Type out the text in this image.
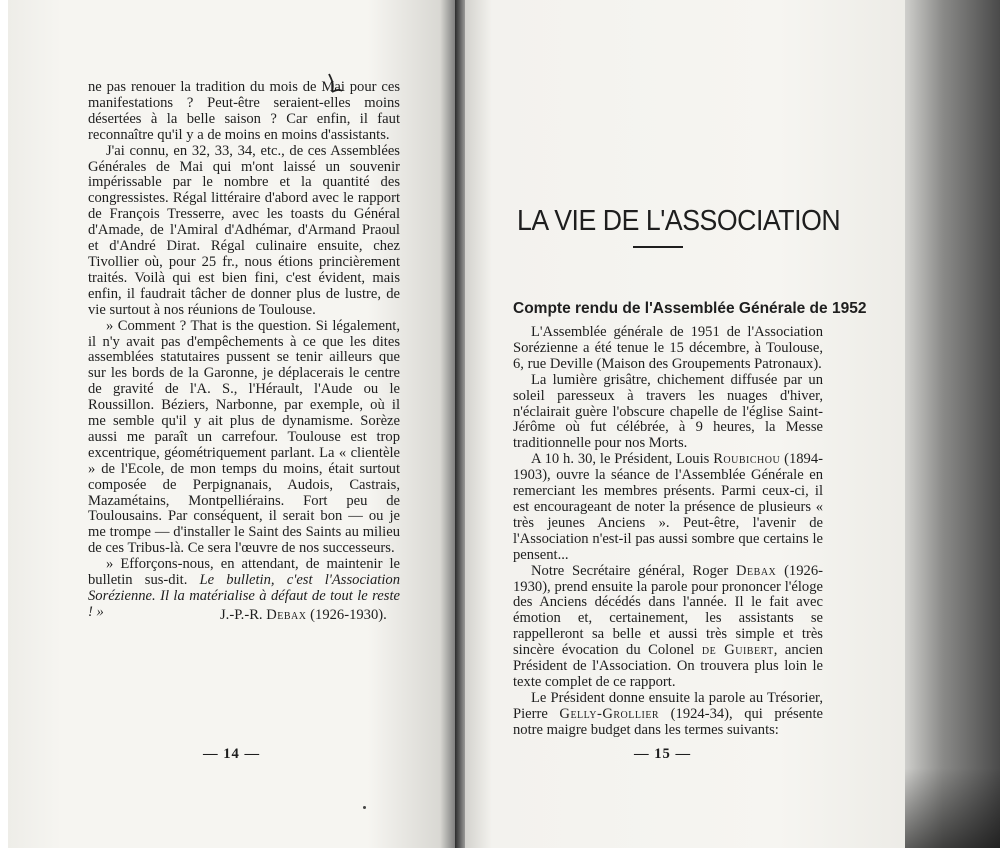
ne pas renouer la tradition du mois de Mai pour ces manifestations ? Peut-être seraient-elles moins désertées à la belle saison ? Car enfin, il faut reconnaître qu'il y a de moins en moins d'assistants.

J'ai connu, en 32, 33, 34, etc., de ces Assemblées Générales de Mai qui m'ont laissé un souvenir impérissable par le nombre et la quantité des congressistes. Régal littéraire d'abord avec le rapport de François Tresserre, avec les toasts du Général d'Amade, de l'Amiral d'Adhémar, d'Armand Praoul et d'André Dirat. Régal culinaire ensuite, chez Tivollier où, pour 25 fr., nous étions princièrement traités. Voilà qui est bien fini, c'est évident, mais enfin, il faudrait tâcher de donner plus de lustre, de vie surtout à nos réunions de Toulouse.

» Comment ? That is the question. Si légalement, il n'y avait pas d'empêchements à ce que les dites assemblées statutaires pussent se tenir ailleurs que sur les bords de la Garonne, je déplacerais le centre de gravité de l'A. S., l'Hérault, l'Aude ou le Roussillon. Béziers, Narbonne, par exemple, où il me semble qu'il y ait plus de dynamisme. Sorèze aussi me paraît un carrefour. Toulouse est trop excentrique, géométriquement parlant. La « clientèle » de l'Ecole, de mon temps du moins, était surtout composée de Perpignanais, Audois, Castrais, Mazamétains, Montpelliérains. Fort peu de Toulousains. Par conséquent, il serait bon — ou je me trompe — d'installer le Saint des Saints au milieu de ces Tribus-là. Ce sera l'œuvre de nos successeurs.

» Efforçons-nous, en attendant, de maintenir le bulletin sus-dit. Le bulletin, c'est l'Association Sorézienne. Il la matérialise à défaut de tout le reste ! »	J.-P.-R. Debax (1926-1930).
— 14 —
LA VIE DE L'ASSOCIATION
Compte rendu de l'Assemblée Générale de 1952

L'Assemblée générale de 1951 de l'Association Sorézienne a été tenue le 15 décembre, à Toulouse, 6, rue Deville (Maison des Groupements Patronaux).

La lumière grisâtre, chichement diffusée par un soleil paresseux à travers les nuages d'hiver, n'éclairait guère l'obscure chapelle de l'église Saint-Jérôme où fut célébrée, à 9 heures, la Messe traditionnelle pour nos Morts.

A 10 h. 30, le Président, Louis Roubichou (1894-1903), ouvre la séance de l'Assemblée Générale en remerciant les membres présents. Parmi ceux-ci, il est encourageant de noter la présence de plusieurs « très jeunes Anciens ». Peut-être, l'avenir de l'Association n'est-il pas aussi sombre que certains le pensent...

Notre Secrétaire général, Roger Debax (1926-1930), prend ensuite la parole pour prononcer l'éloge des Anciens décédés dans l'année. Il le fait avec émotion et, certainement, les assistants se rappelleront sa belle et aussi très simple et très sincère évocation du Colonel de Guibert, ancien Président de l'Association. On trouvera plus loin le texte complet de ce rapport.

Le Président donne ensuite la parole au Trésorier, Pierre Gelly-Grollier (1924-34), qui présente notre maigre budget dans les termes suivants:

— 15 —
